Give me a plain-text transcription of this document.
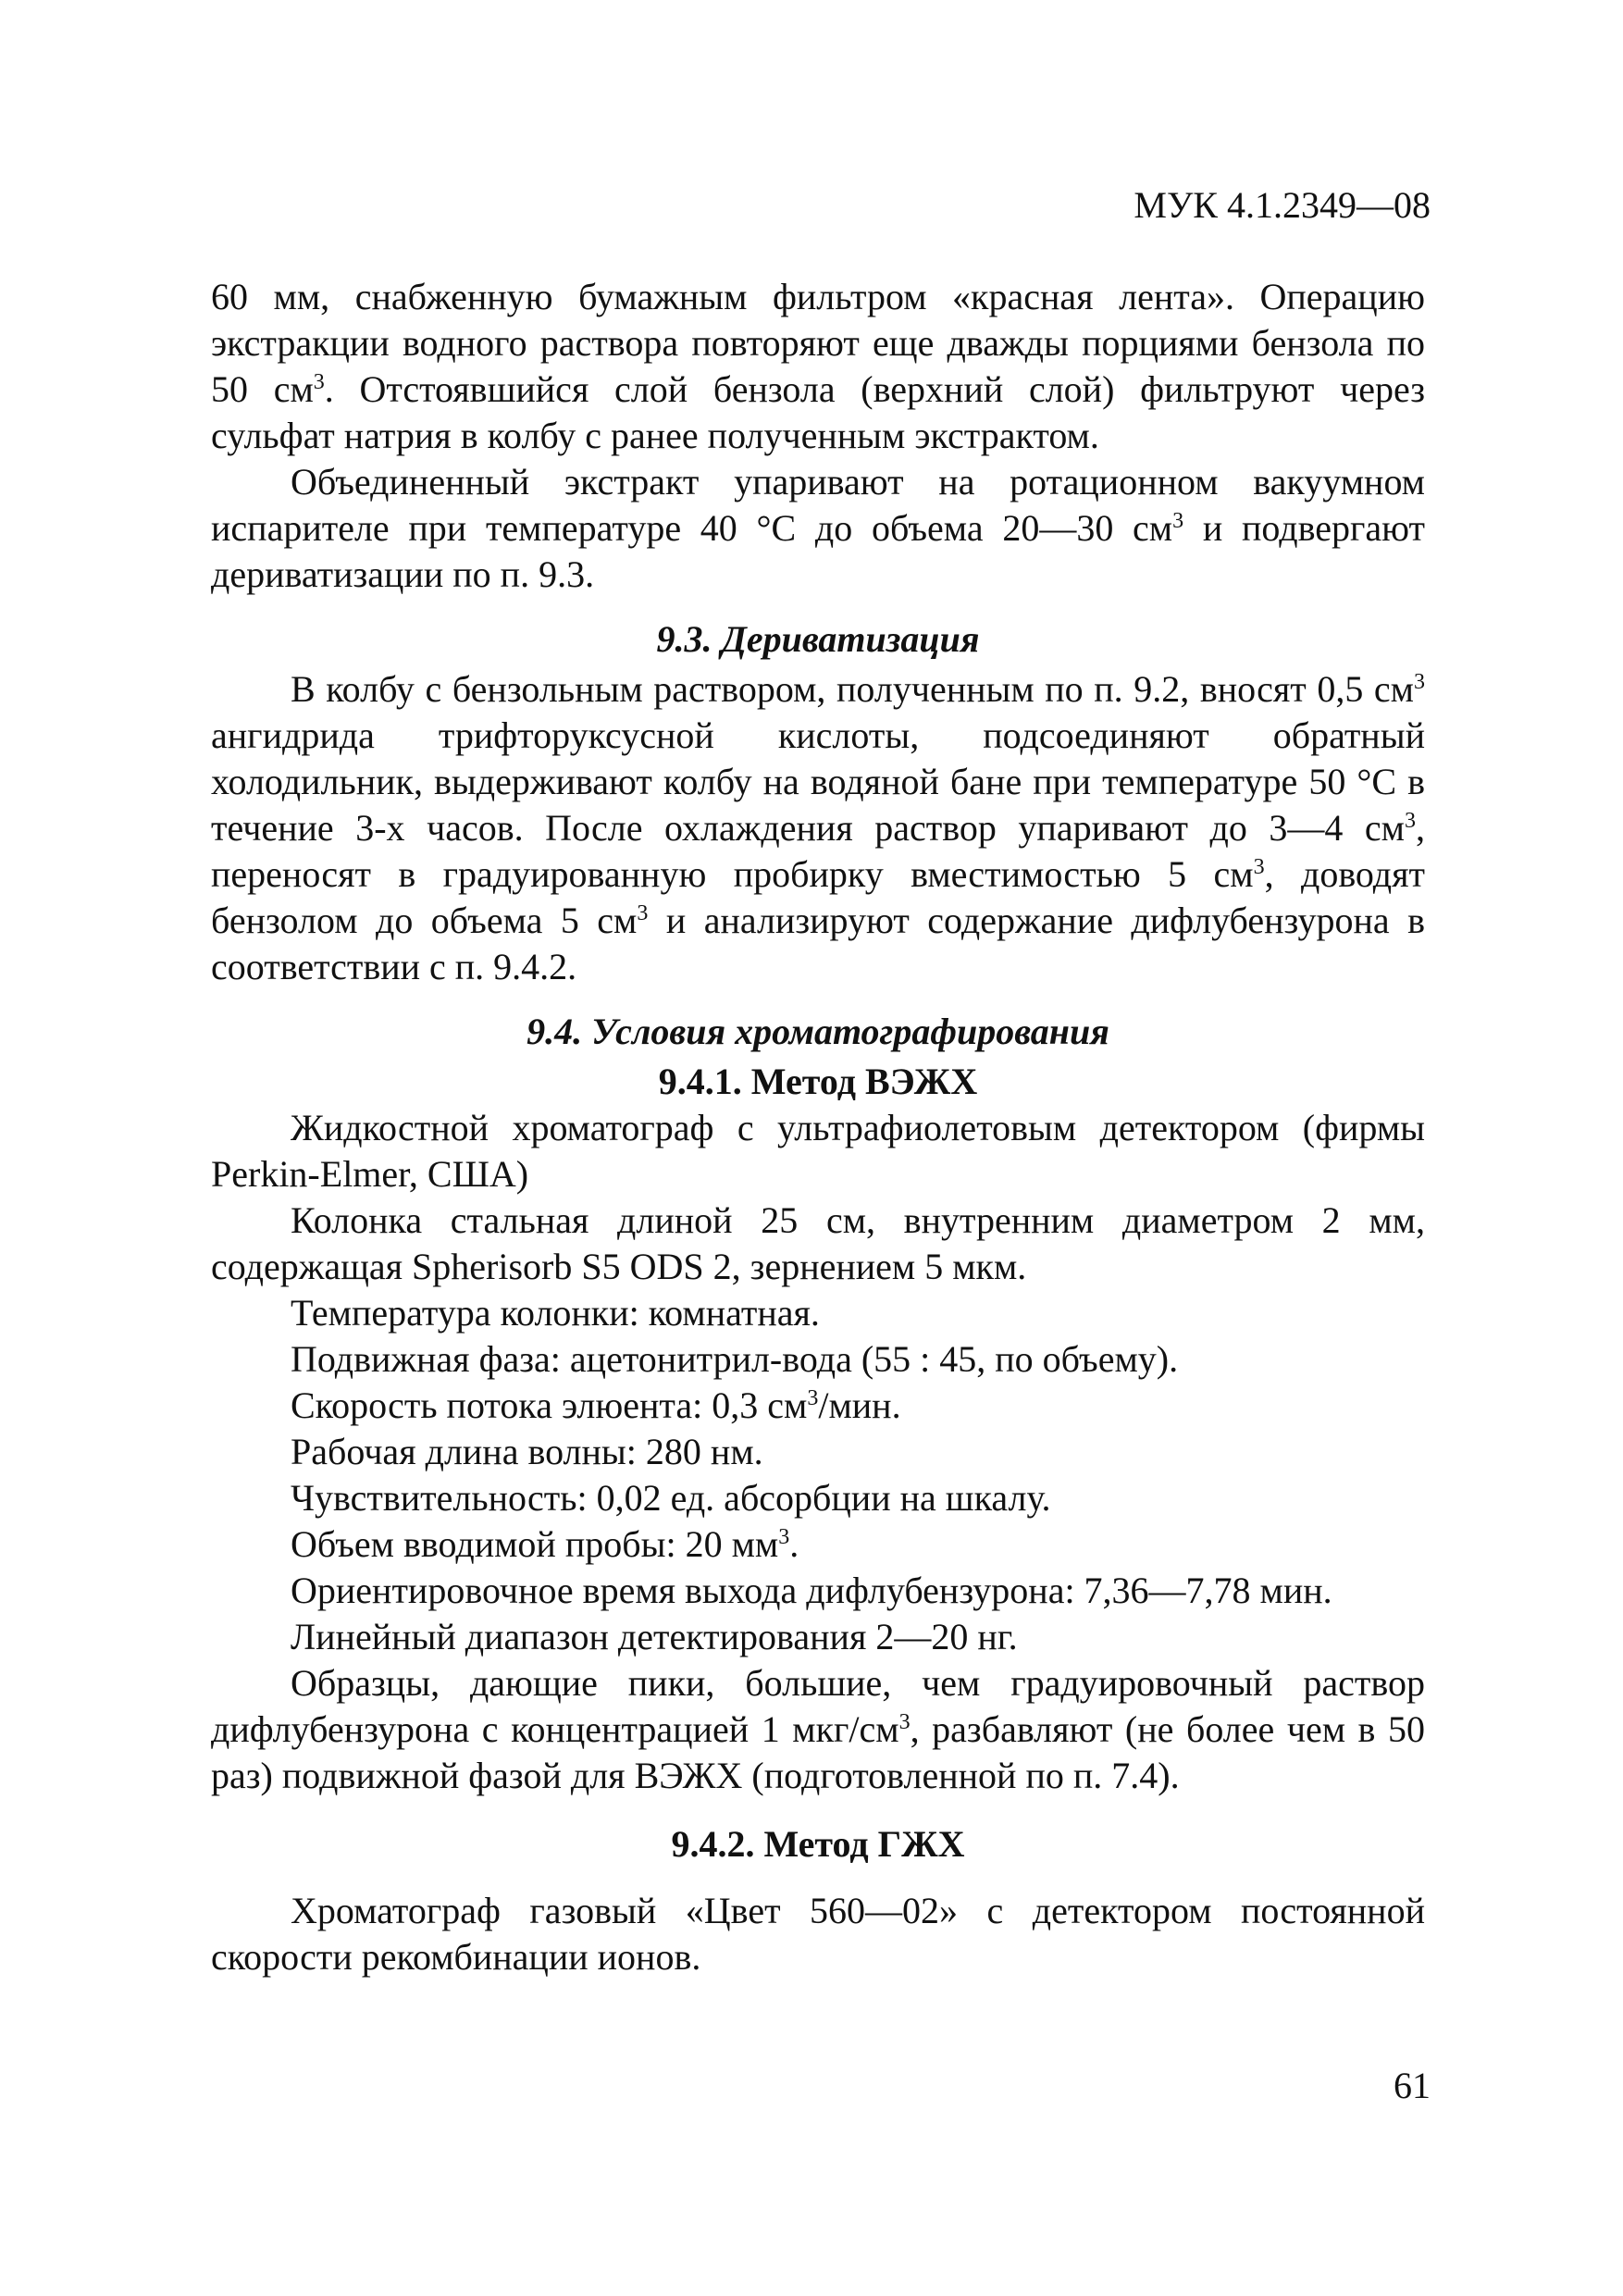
МУК 4.1.2349—08

60 мм, снабженную бумажным фильтром «красная лента». Операцию экстракции водного раствора повторяют еще дважды порциями бензола по 50 $см^3$. Отстоявшийся слой бензола (верхний слой) фильтруют через сульфат натрия в колбу с ранее полученным экстрактом.

Объединенный экстракт упаривают на ротационном вакуумном испарителе при температуре 40 °С до объема 20—30 $см^3$ и подвергают дериватизации по п. 9.3.

9.3. Дериватизация

В колбу с бензольным раствором, полученным по п. 9.2, вносят 0,5 $см^3$ ангидрида трифторуксусной кислоты, подсоединяют обратный холодильник, выдерживают колбу на водяной бане при температуре 50 °С в течение 3-х часов. После охлаждения раствор упаривают до 3—4 $см^3$, переносят в градуированную пробирку вместимостью 5 $см^3$, доводят бензолом до объема 5 $см^3$ и анализируют содержание дифлубензурона в соответствии с п. 9.4.2.

9.4. Условия хроматографирования

9.4.1. Метод ВЭЖХ

Жидкостной хроматограф с ультрафиолетовым детектором (фирмы Perkin-Elmer, США)

Колонка стальная длиной 25 см, внутренним диаметром 2 мм, содержащая Spherisorb S5 ODS 2, зернением 5 мкм.

Температура колонки: комнатная.

Подвижная фаза: ацетонитрил-вода (55 : 45, по объему).

Скорость потока элюента: 0,3 $см^3$/мин.

Рабочая длина волны: 280 нм.

Чувствительность: 0,02 ед. абсорбции на шкалу.

Объем вводимой пробы: 20 $мм^3$.

Ориентировочное время выхода дифлубензурона: 7,36—7,78 мин.

Линейный диапазон детектирования 2—20 нг.

Образцы, дающие пики, большие, чем градуировочный раствор дифлубензурона с концентрацией 1 мкг/$см^3$, разбавляют (не более чем в 50 раз) подвижной фазой для ВЭЖХ (подготовленной по п. 7.4).

9.4.2. Метод ГЖХ

Хроматограф газовый «Цвет 560—02» с детектором постоянной скорости рекомбинации ионов.

61
